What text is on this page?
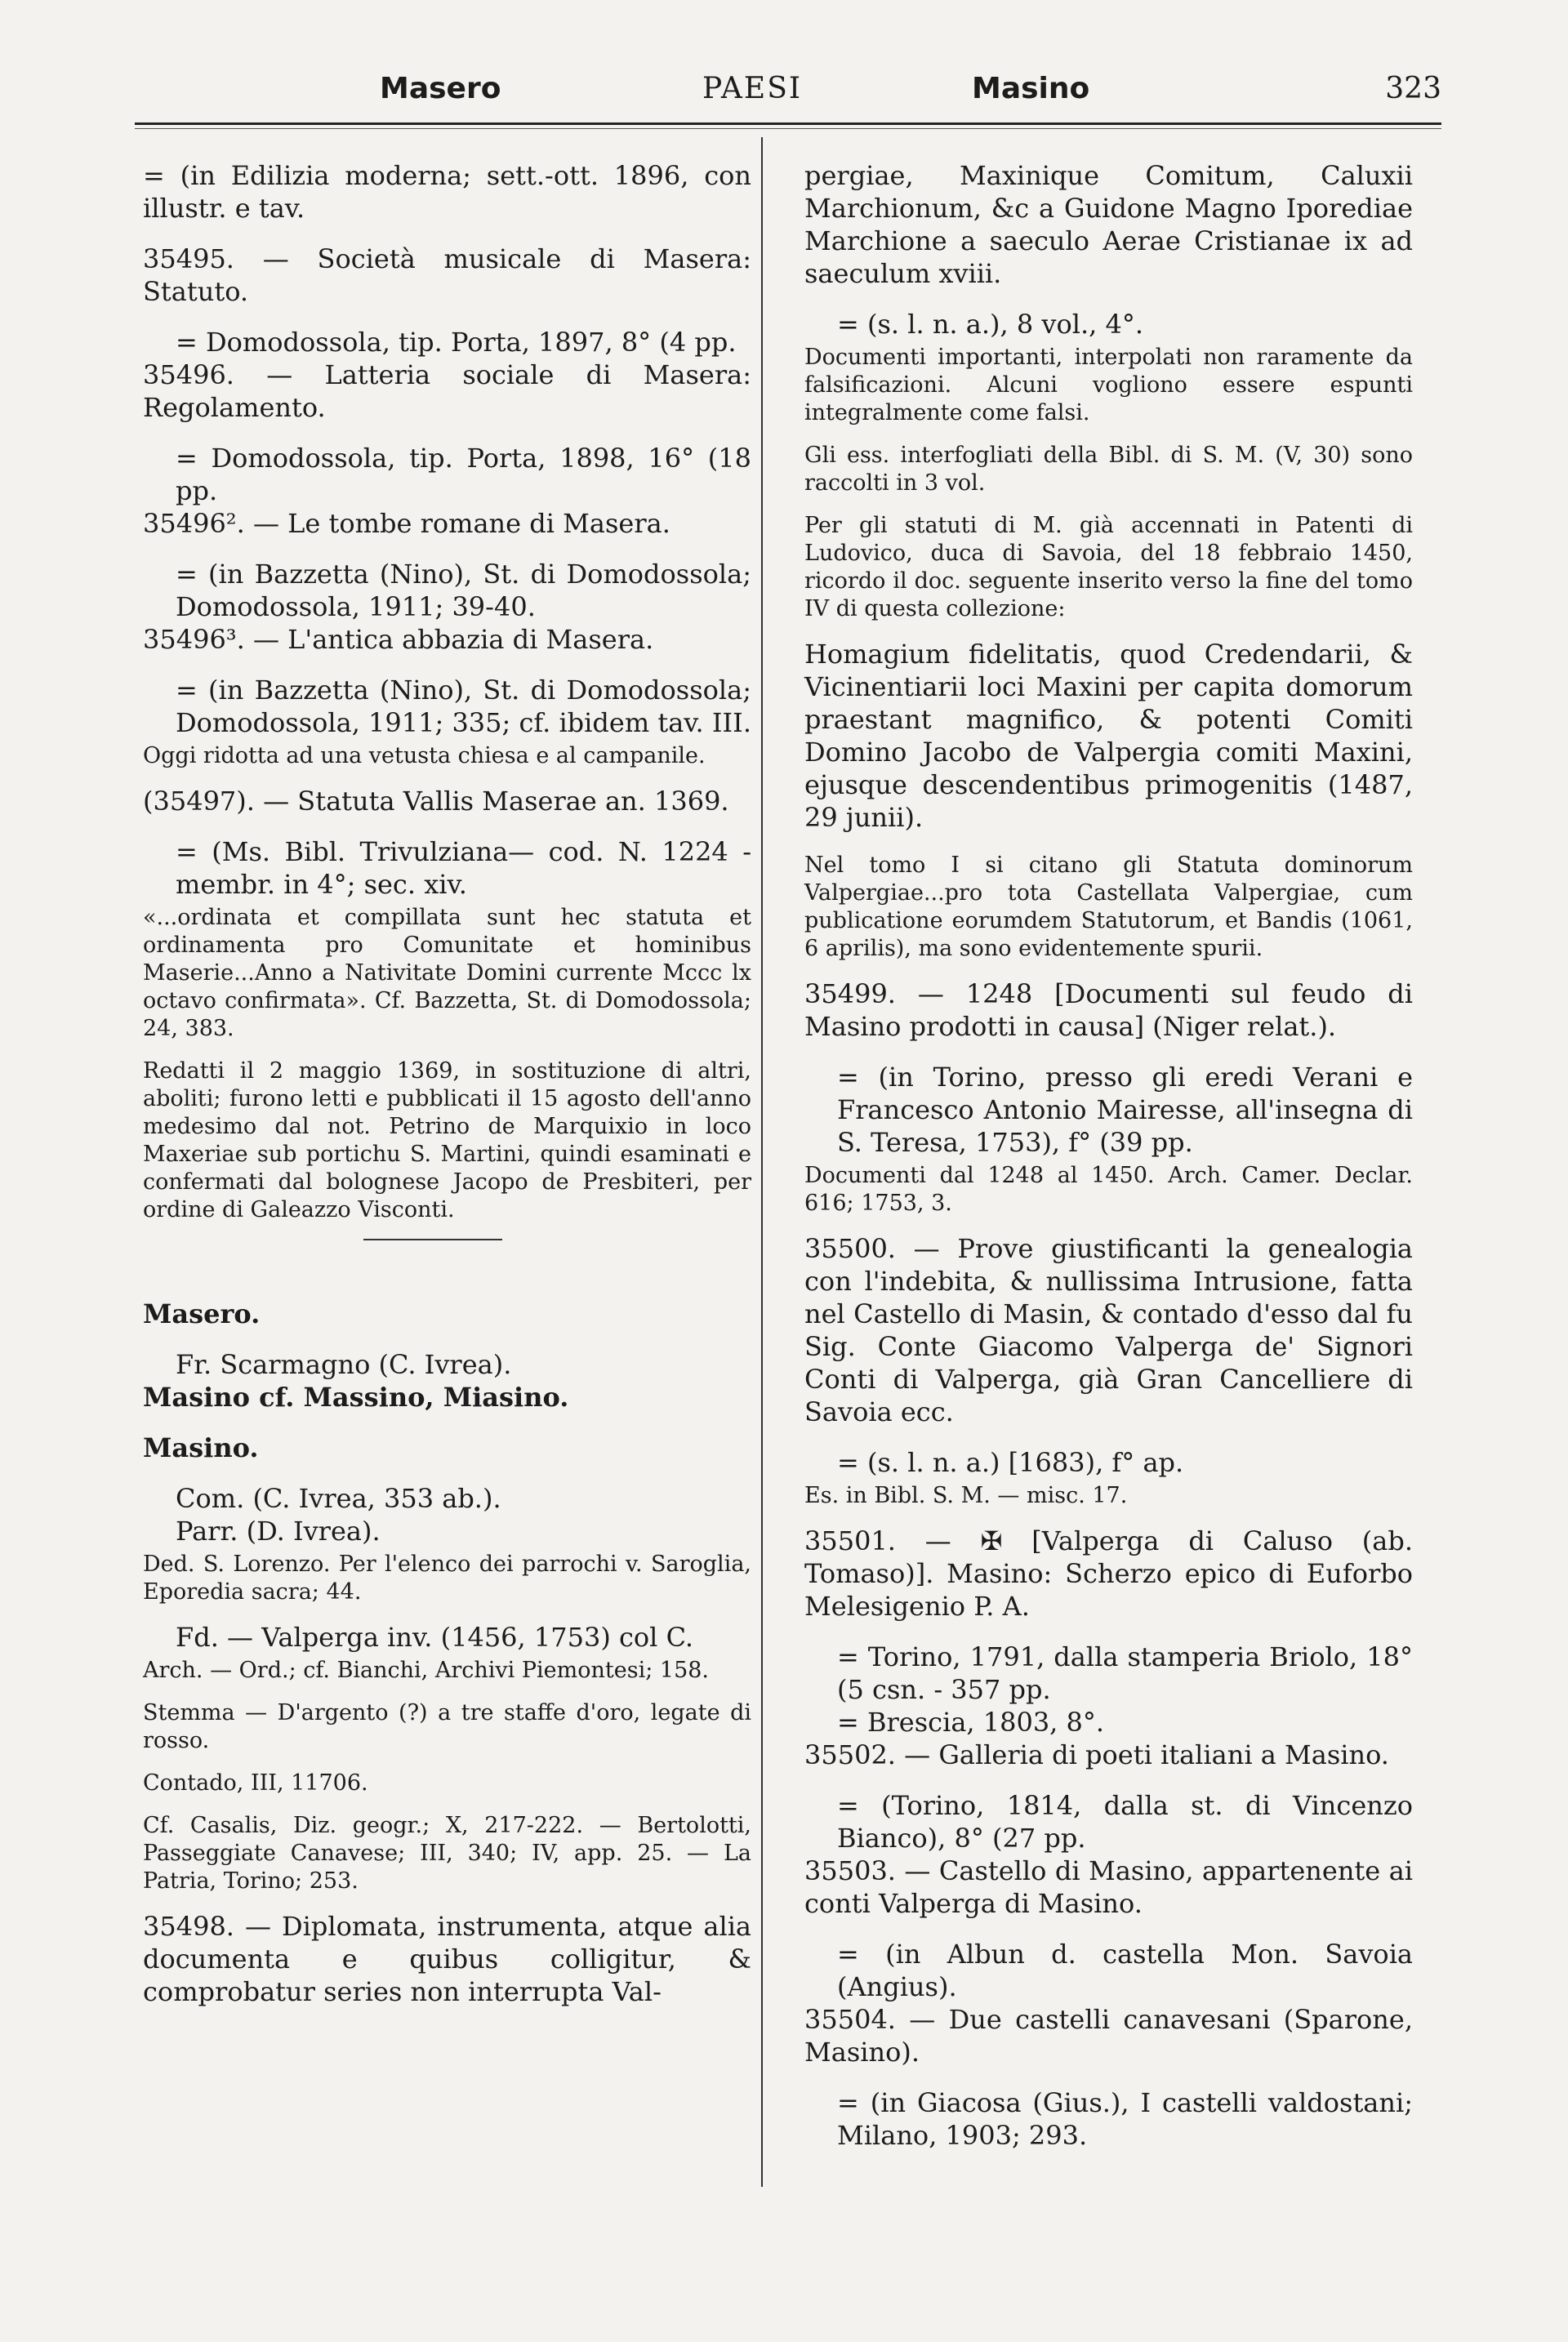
Masero	PAESI	Masino	323

= (in Edilizia moderna; sett.-ott. 1896, con illustr. e tav.

35495. — Società musicale di Masera: Statuto.

= Domodossola, tip. Porta, 1897, 8° (4 pp.

35496. — Latteria sociale di Masera: Regolamento.

= Domodossola, tip. Porta, 1898, 16° (18 pp.

35496². — Le tombe romane di Masera.

= (in Bazzetta (Nino), St. di Domodossola; Domodossola, 1911; 39-40.

35496³. — L'antica abbazia di Masera.

= (in Bazzetta (Nino), St. di Domodossola; Domodossola, 1911; 335; cf. ibidem tav. III.

Oggi ridotta ad una vetusta chiesa e al campanile.

(35497). — Statuta Vallis Maserae an. 1369.

= (Ms. Bibl. Trivulziana— cod. N. 1224 - membr. in 4°; sec. xiv.

«...ordinata et compillata sunt hec statuta et ordinamenta pro Comunitate et hominibus Maserie...Anno a Nativitate Domini currente Mccc lx octavo confirmata». Cf. Bazzetta, St. di Domodossola; 24, 383.

Redatti il 2 maggio 1369, in sostituzione di altri, aboliti; furono letti e pubblicati il 15 agosto dell'anno medesimo dal not. Petrino de Marquixio in loco Maxeriae sub portichu S. Martini, quindi esaminati e confermati dal bolognese Jacopo de Presbiteri, per ordine di Galeazzo Visconti.

Masero.

Fr. Scarmagno (C. Ivrea).

Masino cf. Massino, Miasino.

Masino.

Com. (C. Ivrea, 353 ab.).

Parr. (D. Ivrea).

Ded. S. Lorenzo. Per l'elenco dei parrochi v. Saroglia, Eporedia sacra; 44.

Fd. — Valperga inv. (1456, 1753) col C.

Arch. — Ord.; cf. Bianchi, Archivi Piemontesi; 158.

Stemma — D'argento (?) a tre staffe d'oro, legate di rosso.

Contado, III, 11706.

Cf. Casalis, Diz. geogr.; X, 217-222. — Bertolotti, Passeggiate Canavese; III, 340; IV, app. 25. — La Patria, Torino; 253.

35498. — Diplomata, instrumenta, atque alia documenta e quibus colligitur, & comprobatur series non interrupta Val-

pergiae, Maxinique Comitum, Caluxii Marchionum, &c a Guidone Magno Iporediae Marchione a saeculo Aerae Cristianae ix ad saeculum xviii.

= (s. l. n. a.), 8 vol., 4°.

Documenti importanti, interpolati non raramente da falsificazioni. Alcuni vogliono essere espunti integralmente come falsi.

Gli ess. interfogliati della Bibl. di S. M. (V, 30) sono raccolti in 3 vol.

Per gli statuti di M. già accennati in Patenti di Ludovico, duca di Savoia, del 18 febbraio 1450, ricordo il doc. seguente inserito verso la fine del tomo IV di questa collezione:

Homagium fidelitatis, quod Credendarii, & Vicinentiarii loci Maxini per capita domorum praestant magnifico, & potenti Comiti Domino Jacobo de Valpergia comiti Maxini, ejusque descendentibus primogenitis (1487, 29 junii).

Nel tomo I si citano gli Statuta dominorum Valpergiae...pro tota Castellata Valpergiae, cum publicatione eorumdem Statutorum, et Bandis (1061, 6 aprilis), ma sono evidentemente spurii.

35499. — 1248 [Documenti sul feudo di Masino prodotti in causa] (Niger relat.).

= (in Torino, presso gli eredi Verani e Francesco Antonio Mairesse, all'insegna di S. Teresa, 1753), f° (39 pp.

Documenti dal 1248 al 1450. Arch. Camer. Declar. 616; 1753, 3.

35500. — Prove giustificanti la genealogia con l'indebita, & nullissima Intrusione, fatta nel Castello di Masin, & contado d'esso dal fu Sig. Conte Giacomo Valperga de' Signori Conti di Valperga, già Gran Cancelliere di Savoia ecc.

= (s. l. n. a.) [1683), f° ap.

Es. in Bibl. S. M. — misc. 17.

35501. — ✠ [Valperga di Caluso (ab. Tomaso)]. Masino: Scherzo epico di Euforbo Melesigenio P. A.

= Torino, 1791, dalla stamperia Briolo, 18° (5 csn. - 357 pp.

= Brescia, 1803, 8°.

35502. — Galleria di poeti italiani a Masino.

= (Torino, 1814, dalla st. di Vincenzo Bianco), 8° (27 pp.

35503. — Castello di Masino, appartenente ai conti Valperga di Masino.

= (in Albun d. castella Mon. Savoia (Angius).

35504. — Due castelli canavesani (Sparone, Masino).

= (in Giacosa (Gius.), I castelli valdostani; Milano, 1903; 293.
